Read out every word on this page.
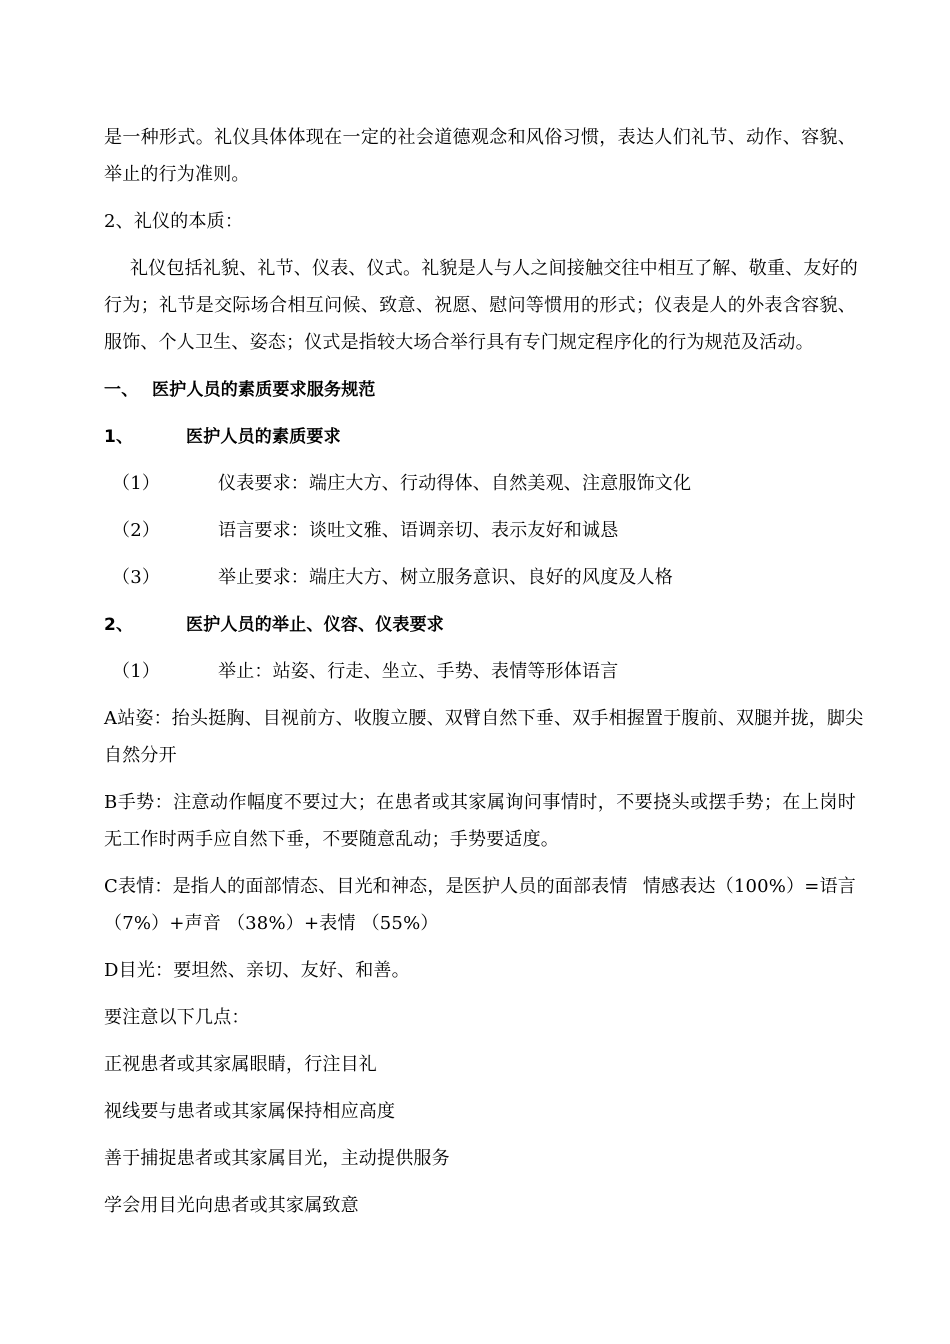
是一种形式。礼仪具体体现在一定的社会道德观念和风俗习惯，表达人们礼节、动作、容貌、
举止的行为准则。
2、礼仪的本质：
礼仪包括礼貌、礼节、仪表、仪式。礼貌是人与人之间接触交往中相互了解、敬重、友好的
行为；礼节是交际场合相互问候、致意、祝愿、慰问等惯用的形式；仪表是人的外表含容貌、
服饰、个人卫生、姿态；仪式是指较大场合举行具有专门规定程序化的行为规范及活动。
一、 医护人员的素质要求服务规范
1、	医护人员的素质要求
（1）	仪表要求：端庄大方、行动得体、自然美观、注意服饰文化
（2）	语言要求：谈吐文雅、语调亲切、表示友好和诚恳
（3）	举止要求：端庄大方、树立服务意识、良好的风度及人格
2、	医护人员的举止、仪容、仪表要求
（1）	举止：站姿、行走、坐立、手势、表情等形体语言
A站姿：抬头挺胸、目视前方、收腹立腰、双臂自然下垂、双手相握置于腹前、双腿并拢，脚尖
自然分开
B手势：注意动作幅度不要过大；在患者或其家属询问事情时，不要挠头或摆手势；在上岗时
无工作时两手应自然下垂，不要随意乱动；手势要适度。
C表情：是指人的面部情态、目光和神态，是医护人员的面部表情 情感表达（100%）=语言
（7%）+声音 （38%）+表情 （55%）
D目光：要坦然、亲切、友好、和善。
要注意以下几点：
正视患者或其家属眼睛，行注目礼
视线要与患者或其家属保持相应高度
善于捕捉患者或其家属目光，主动提供服务
学会用目光向患者或其家属致意
